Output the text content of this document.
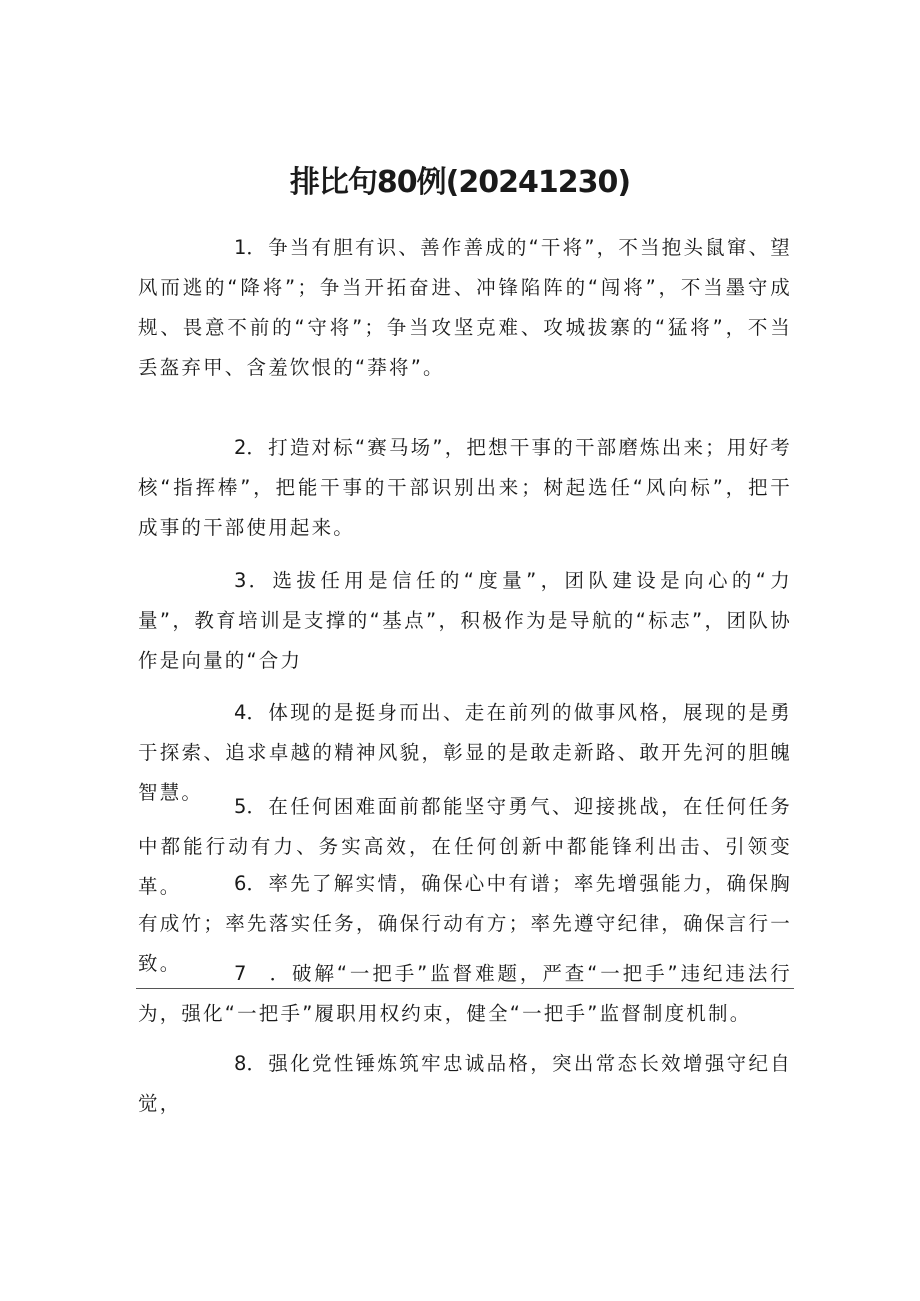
排比句80例(20241230)

1．争当有胆有识、善作善成的“干将”，不当抱头鼠窜、望风而逃的“降将”；争当开拓奋进、冲锋陷阵的“闯将”，不当墨守成规、畏意不前的“守将”；争当攻坚克难、攻城拔寨的“猛将”，不当丢盔弃甲、含羞饮恨的“莽将”。

2．打造对标“赛马场”，把想干事的干部磨炼出来；用好考核“指挥棒”，把能干事的干部识别出来；树起选任“风向标”，把干成事的干部使用起来。

3．选拔任用是信任的“度量”，团队建设是向心的“力量”，教育培训是支撑的“基点”，积极作为是导航的“标志”，团队协作是向量的“合力

4．体现的是挺身而出、走在前列的做事风格，展现的是勇于探索、追求卓越的精神风貌，彰显的是敢走新路、敢开先河的胆魄智慧。

5．在任何困难面前都能坚守勇气、迎接挑战，在任何任务中都能行动有力、务实高效，在任何创新中都能锋利出击、引领变革。	6．率先了解实情，确保心中有谱；率先增强能力，确保胸有成竹；率先落实任务，确保行动有方；率先遵守纪律，确保言行一致。	7　．破解“一把手”监督难题，严查“一把手”违纪违法行为，强化“一把手”履职用权约束，健全“一把手”监督制度机制。

8．强化党性锤炼筑牢忠诚品格，突出常态长效增强守纪自觉，
